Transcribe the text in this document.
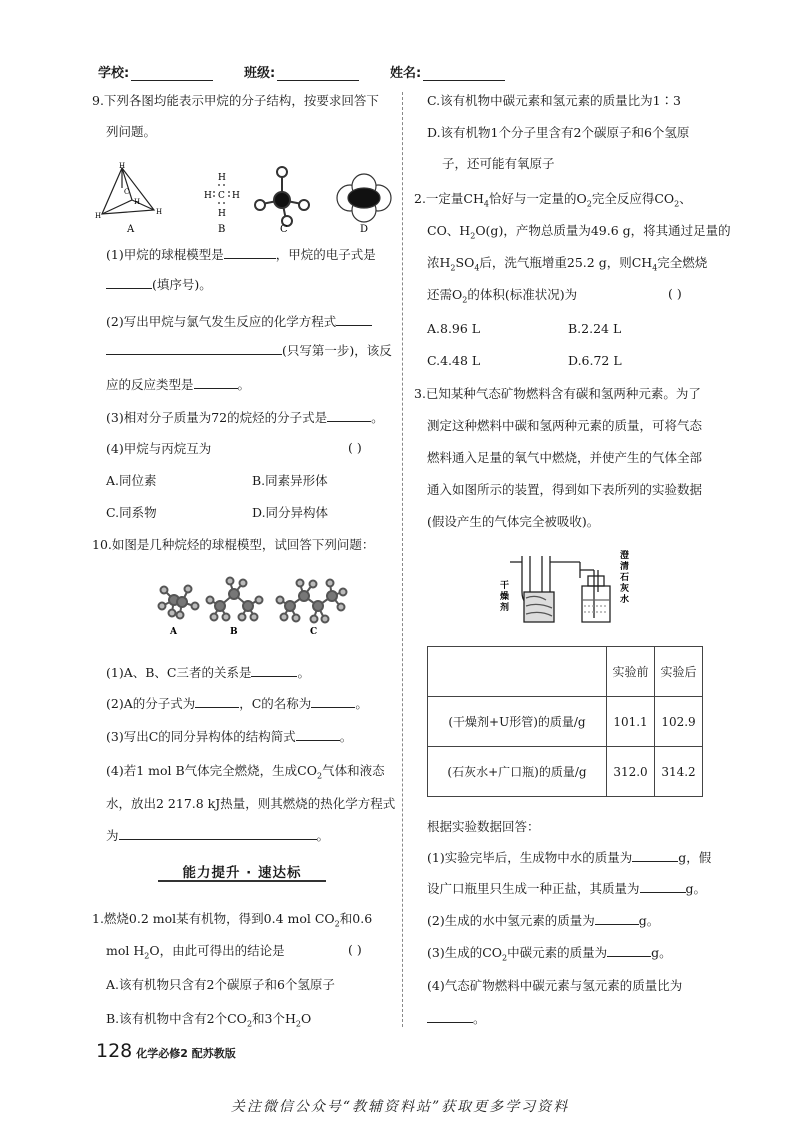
学校:	班级:	姓名:
9.下列各图均能表示甲烷的分子结构，按要求回答下
列问题。
H
H	H
H
C
A
H
H C H
H
B	C	D
(1)甲烷的球棍模型是	，甲烷的电子式是
(填序号)。
(2)写出甲烷与氯气发生反应的化学方程式
(只写第一步)，该反
应的反应类型是	。
(3)相对分子质量为72的烷烃的分子式是	。
(4)甲烷与丙烷互为	( )
A.同位素	B.同素异形体
C.同系物	D.同分异构体
10.如图是几种烷烃的球棍模型，试回答下列问题：
A	B	C
(1)A、B、C三者的关系是	。
(2)A的分子式为	，C的名称为	。
(3)写出C的同分异构体的结构简式	。
(4)若1 mol B气体完全燃烧，生成$CO_2$气体和液态
水，放出2 217.8 kJ热量，则其燃烧的热化学方程式
为	。
能力提升 · 速达标
1.燃烧0.2 mol某有机物，得到0.4 mol $CO_2$和0.6
mol $H_2O$，由此可得出的结论是	( )
A.该有机物只含有2个碳原子和6个氢原子
B.该有机物中含有2个$CO_2$和3个$H_2O$
C.该有机物中碳元素和氢元素的质量比为1∶3
D.该有机物1个分子里含有2个碳原子和6个氢原
子，还可能有氧原子
2.一定量$CH_4$恰好与一定量的$O_2$完全反应得$CO_2$、
CO、$H_2O(g)$，产物总质量为49.6 g，将其通过足量的
浓$H_2SO_4$后，洗气瓶增重25.2 g，则$CH_4$完全燃烧
还需$O_2$的体积(标准状况)为	( )
A.8.96 L	B.2.24 L
C.4.48 L	D.6.72 L
3.已知某种气态矿物燃料含有碳和氢两种元素。为了
测定这种燃料中碳和氢两种元素的质量，可将气态
燃料通入足量的氧气中燃烧，并使产生的气体全部
通入如图所示的装置，得到如下表所列的实验数据
(假设产生的气体完全被吸收)。
干
燥
剂
澄
清
石
灰
水
	实验前	实验后
(干燥剂+U形管)的质量/g	101.1	102.9
(石灰水+广口瓶)的质量/g	312.0	314.2
根据实验数据回答：
(1)实验完毕后，生成物中水的质量为	g，假
设广口瓶里只生成一种正盐，其质量为	g。
(2)生成的水中氢元素的质量为	g。
(3)生成的$CO_2$中碳元素的质量为	g。
(4)气态矿物燃料中碳元素与氢元素的质量比为
。
128 化学必修2 配苏教版
关注微信公众号“教辅资料站”获取更多学习资料
